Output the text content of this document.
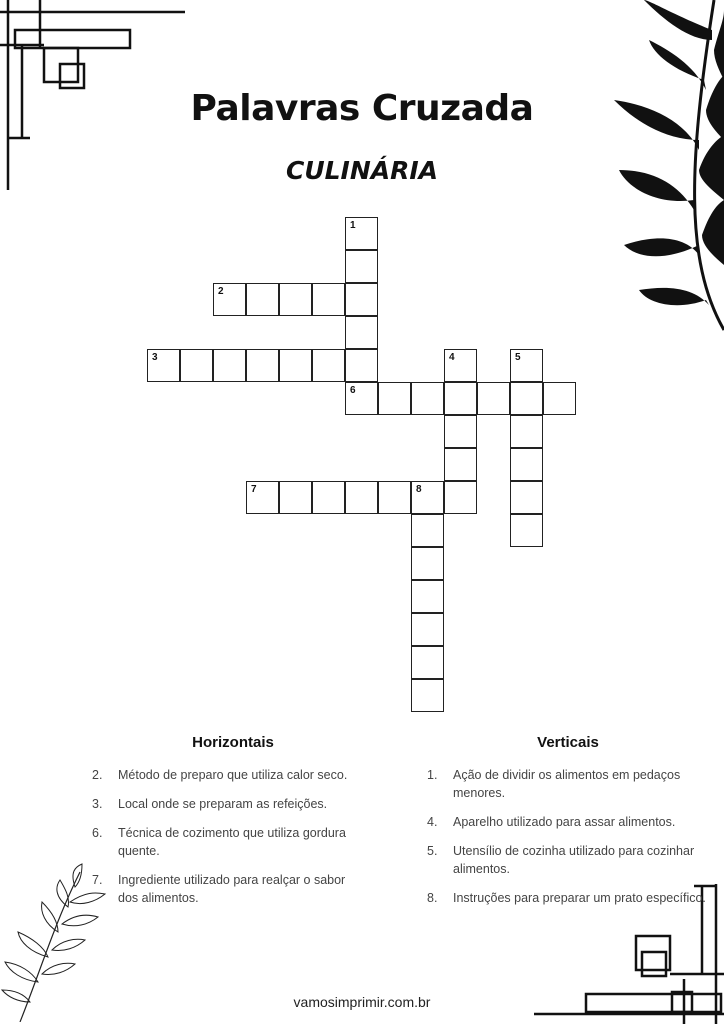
Palavras Cruzada
CULINÁRIA
2
3
6
7	8
1
4	5
Horizontais
2. Método de preparo que utiliza calor seco.
3. Local onde se preparam as refeições.
6. Técnica de cozimento que utiliza gordura quente.
7. Ingrediente utilizado para realçar o sabor dos alimentos.
Verticais
1. Ação de dividir os alimentos em pedaços menores.
4. Aparelho utilizado para assar alimentos.
5. Utensílio de cozinha utilizado para cozinhar alimentos.
8. Instruções para preparar um prato específico.
vamosimprimir.com.br
